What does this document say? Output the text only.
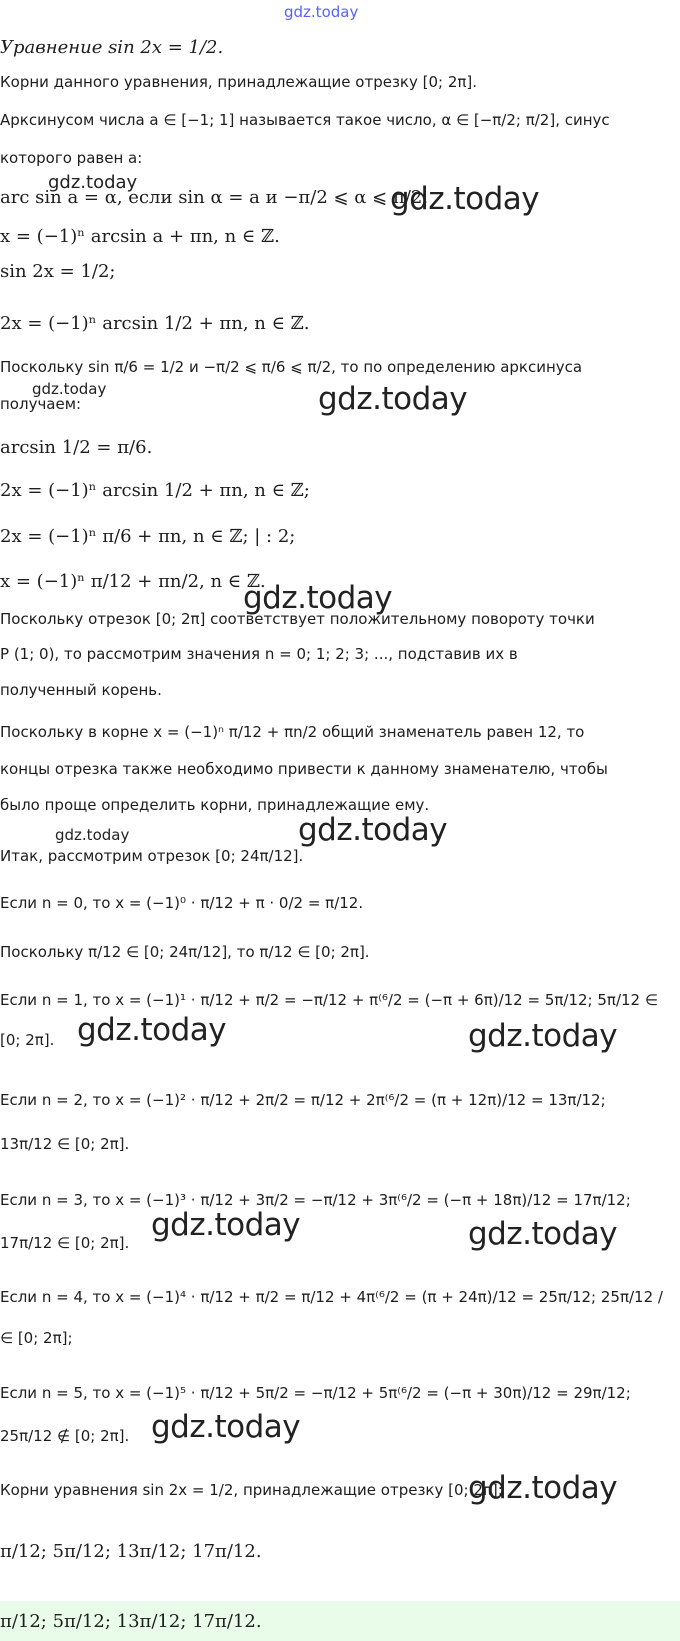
gdz.today
Уравнение sin 2x = 1/2.
Корни данного уравнения, принадлежащие отрезку [0; 2π].
Арксинусом числа a ∈ [−1; 1] называется такое число, α ∈ [−π/2; π/2], синус
которого равен a:
arc sin a = α, если sin α = a и −π/2 ⩽ α ⩽ π/2.
x = (−1)ⁿ arcsin a + πn, n ∈ ℤ.
sin 2x = 1/2;
2x = (−1)ⁿ arcsin 1/2 + πn, n ∈ ℤ.
Поскольку sin π/6 = 1/2 и −π/2 ⩽ π/6 ⩽ π/2, то по определению арксинуса
получаем:
arcsin 1/2 = π/6.
2x = (−1)ⁿ arcsin 1/2 + πn, n ∈ ℤ;
2x = (−1)ⁿ π/6 + πn, n ∈ ℤ; | : 2;
x = (−1)ⁿ π/12 + πn/2, n ∈ ℤ.
Поскольку отрезок [0; 2π] соответствует положительному повороту точки
P (1; 0), то рассмотрим значения n = 0; 1; 2; 3; ..., подставив их в
полученный корень.
Поскольку в корне x = (−1)ⁿ π/12 + πn/2 общий знаменатель равен 12, то
концы отрезка также необходимо привести к данному знаменателю, чтобы
было проще определить корни, принадлежащие ему.
Итак, рассмотрим отрезок [0; 24π/12].
Если n = 0, то x = (−1)⁰ · π/12 + π · 0/2 = π/12.
Поскольку π/12 ∈ [0; 24π/12], то π/12 ∈ [0; 2π].
Если n = 1, то x = (−1)¹ · π/12 + π/2 = −π/12 + π⁽⁶/2 = (−π + 6π)/12 = 5π/12; 5π/12 ∈
[0; 2π].
Если n = 2, то x = (−1)² · π/12 + 2π/2 = π/12 + 2π⁽⁶/2 = (π + 12π)/12 = 13π/12;
13π/12 ∈ [0; 2π].
Если n = 3, то x = (−1)³ · π/12 + 3π/2 = −π/12 + 3π⁽⁶/2 = (−π + 18π)/12 = 17π/12;
17π/12 ∈ [0; 2π].
Если n = 4, то x = (−1)⁴ · π/12 + π/2 = π/12 + 4π⁽⁶/2 = (π + 24π)/12 = 25π/12; 25π/12 /
∈ [0; 2π];
Если n = 5, то x = (−1)⁵ · π/12 + 5π/2 = −π/12 + 5π⁽⁶/2 = (−π + 30π)/12 = 29π/12;
25π/12 ∉ [0; 2π].
Корни уравнения sin 2x = 1/2, принадлежащие отрезку [0; 2π]:
π/12; 5π/12; 13π/12; 17π/12.
π/12; 5π/12; 13π/12; 17π/12.
gdz.today	gdz.today
gdz.today	gdz.today
gdz.today
gdz.today	gdz.today
gdz.today	gdz.today
gdz.today	gdz.today
gdz.today
gdz.today
